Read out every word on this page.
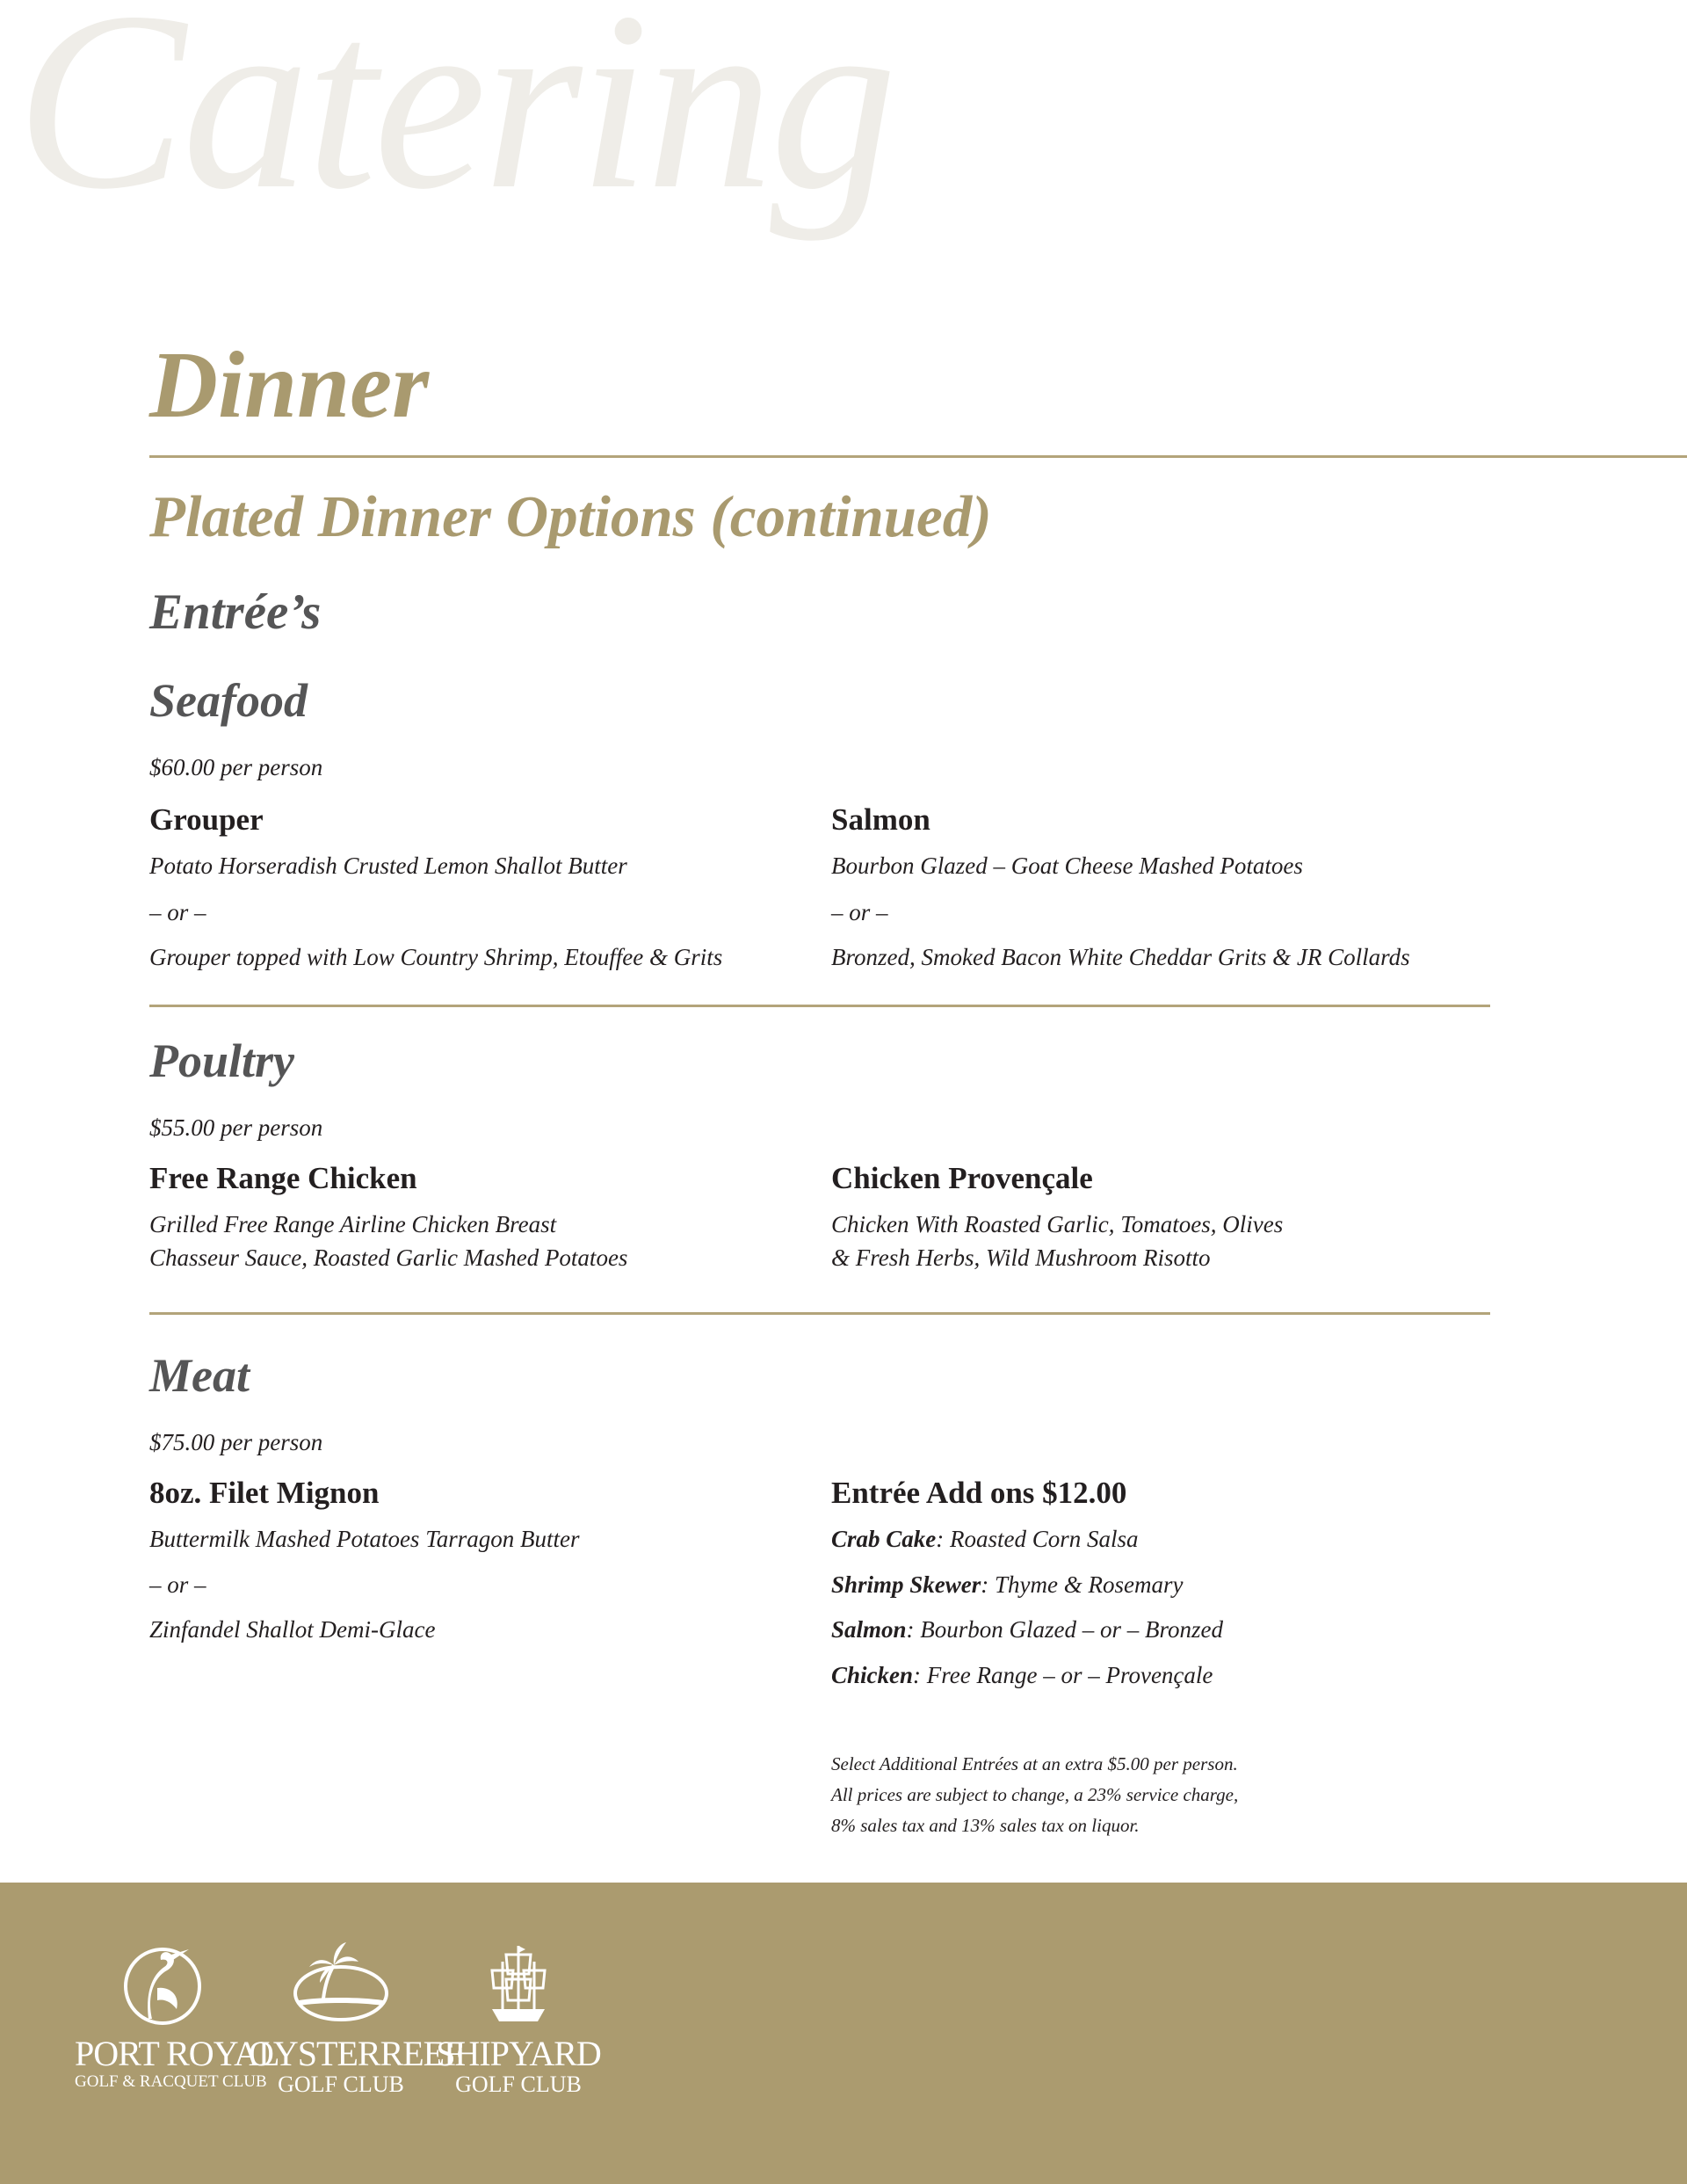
Catering
Dinner
Plated Dinner Options (continued)
Entrée’s
Seafood
$60.00 per person
Grouper
Potato Horseradish Crusted Lemon Shallot Butter
– or –
Grouper topped with Low Country Shrimp, Etouffee & Grits
Salmon
Bourbon Glazed – Goat Cheese Mashed Potatoes
– or –
Bronzed, Smoked Bacon White Cheddar Grits & JR Collards
Poultry
$55.00 per person
Free Range Chicken
Grilled Free Range Airline Chicken Breast
Chasseur Sauce, Roasted Garlic Mashed Potatoes
Chicken Provençale
Chicken With Roasted Garlic, Tomatoes, Olives
& Fresh Herbs, Wild Mushroom Risotto
Meat
$75.00 per person
8oz. Filet Mignon
Buttermilk Mashed Potatoes Tarragon Butter
– or –
Zinfandel Shallot Demi-Glace
Entrée Add ons $12.00
Crab Cake: Roasted Corn Salsa
Shrimp Skewer: Thyme & Rosemary
Salmon: Bourbon Glazed – or – Bronzed
Chicken: Free Range – or – Provençale
Select Additional Entrées at an extra $5.00 per person.
All prices are subject to change, a 23% service charge,
8% sales tax and 13% sales tax on liquor.
PORT ROYAL
GOLF & RACQUET CLUB
OYSTERREEF
GOLF CLUB
SHIPYARD
GOLF CLUB
